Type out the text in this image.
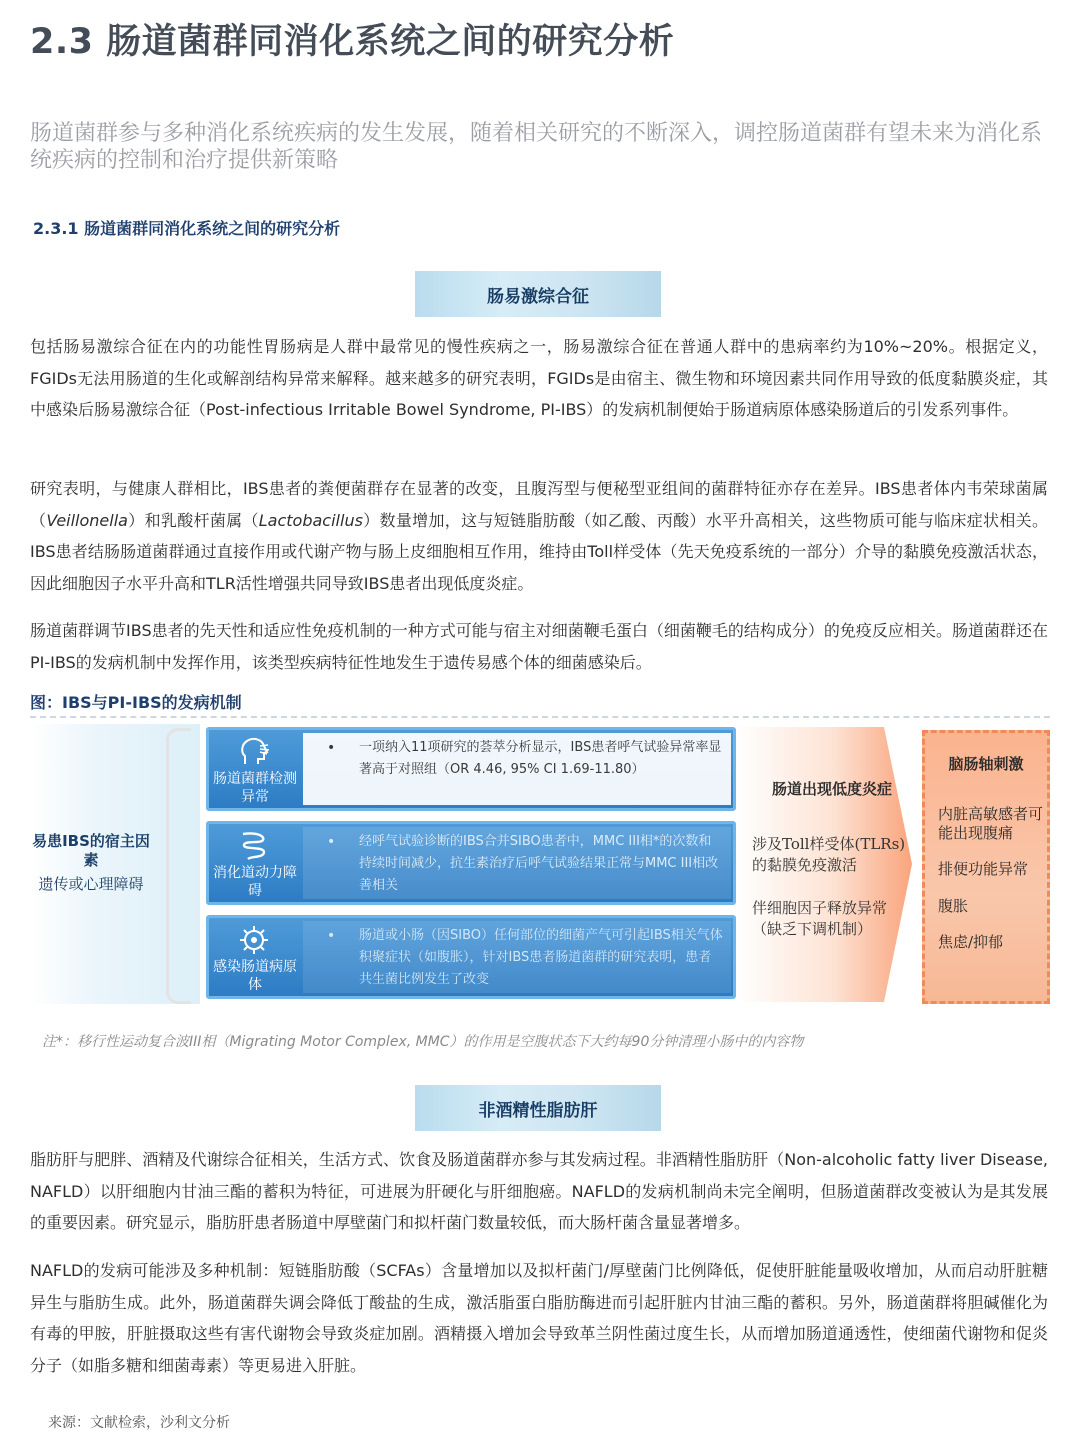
2.3 肠道菌群同消化系统之间的研究分析
肠道菌群参与多种消化系统疾病的发生发展，随着相关研究的不断深入，调控肠道菌群有望未来为消化系统疾病的控制和治疗提供新策略
2.3.1 肠道菌群同消化系统之间的研究分析
肠易激综合征
包括肠易激综合征在内的功能性胃肠病是人群中最常见的慢性疾病之一，肠易激综合征在普通人群中的患病率约为10%~20%。根据定义，FGIDs无法用肠道的生化或解剖结构异常来解释。越来越多的研究表明，FGIDs是由宿主、微生物和环境因素共同作用导致的低度黏膜炎症，其中感染后肠易激综合征（Post-infectious Irritable Bowel Syndrome, PI-IBS）的发病机制便始于肠道病原体感染肠道后的引发系列事件。
研究表明，与健康人群相比，IBS患者的粪便菌群存在显著的改变，且腹泻型与便秘型亚组间的菌群特征亦存在差异。IBS患者体内韦荣球菌属（Veillonella）和乳酸杆菌属（Lactobacillus）数量增加，这与短链脂肪酸（如乙酸、丙酸）水平升高相关，这些物质可能与临床症状相关。IBS患者结肠肠道菌群通过直接作用或代谢产物与肠上皮细胞相互作用，维持由Toll样受体（先天免疫系统的一部分）介导的黏膜免疫激活状态，因此细胞因子水平升高和TLR活性增强共同导致IBS患者出现低度炎症。
肠道菌群调节IBS患者的先天性和适应性免疫机制的一种方式可能与宿主对细菌鞭毛蛋白（细菌鞭毛的结构成分）的免疫反应相关。肠道菌群还在PI-IBS的发病机制中发挥作用，该类型疾病特征性地发生于遗传易感个体的细菌感染后。
图：IBS与PI-IBS的发病机制
易患IBS的宿主因素
遗传或心理障碍
肠道菌群检测异常
• 一项纳入11项研究的荟萃分析显示，IBS患者呼气试验异常率显著高于对照组（OR 4.46, 95% CI 1.69-11.80）
消化道动力障碍
• 经呼气试验诊断的IBS合并SIBO患者中，MMC III相*的次数和持续时间减少，抗生素治疗后呼气试验结果正常与MMC III相改善相关
感染肠道病原体
• 肠道或小肠（因SIBO）任何部位的细菌产气可引起IBS相关气体积聚症状（如腹胀），针对IBS患者肠道菌群的研究表明，患者共生菌比例发生了改变
肠道出现低度炎症
涉及Toll样受体(TLRs)的黏膜免疫激活
伴细胞因子释放异常（缺乏下调机制）
脑肠轴刺激
内脏高敏感者可能出现腹痛
排便功能异常
腹胀
焦虑/抑郁
注*：移行性运动复合波III相（Migrating Motor Complex, MMC）的作用是空腹状态下大约每90分钟清理小肠中的内容物
非酒精性脂肪肝
脂肪肝与肥胖、酒精及代谢综合征相关，生活方式、饮食及肠道菌群亦参与其发病过程。非酒精性脂肪肝（Non-alcoholic fatty liver Disease, NAFLD）以肝细胞内甘油三酯的蓄积为特征，可进展为肝硬化与肝细胞癌。NAFLD的发病机制尚未完全阐明，但肠道菌群改变被认为是其发展的重要因素。研究显示，脂肪肝患者肠道中厚壁菌门和拟杆菌门数量较低，而大肠杆菌含量显著增多。
NAFLD的发病可能涉及多种机制：短链脂肪酸（SCFAs）含量增加以及拟杆菌门/厚壁菌门比例降低，促使肝脏能量吸收增加，从而启动肝脏糖异生与脂肪生成。此外，肠道菌群失调会降低丁酸盐的生成，激活脂蛋白脂肪酶进而引起肝脏内甘油三酯的蓄积。另外，肠道菌群将胆碱催化为有毒的甲胺，肝脏摄取这些有害代谢物会导致炎症加剧。酒精摄入增加会导致革兰阴性菌过度生长，从而增加肠道通透性，使细菌代谢物和促炎分子（如脂多糖和细菌毒素）等更易进入肝脏。
来源：文献检索，沙利文分析
